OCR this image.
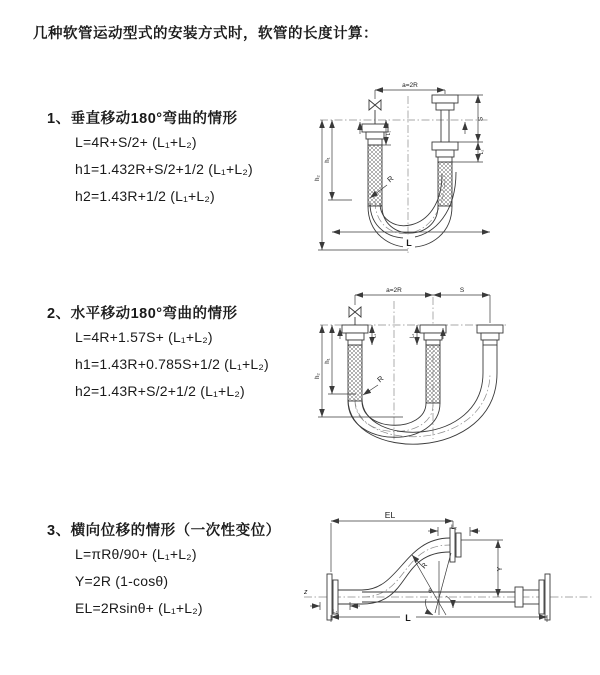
几种软管运动型式的安装方式时，软管的长度计算：
1、垂直移动180°弯曲的情形
L=4R+S/2+ (L₁+L₂)
h1=1.432R+S/2+1/2 (L₁+L₂)
h2=1.43R+1/2 (L₁+L₂)
2、水平移动180°弯曲的情形
L=4R+1.57S+ (L₁+L₂)
h1=1.43R+0.785S+1/2 (L₁+L₂)
h2=1.43R+S/2+1/2 (L₁+L₂)
3、横向位移的情形（一次性变位）
L=πRθ/90+ (L₁+L₂)
Y=2R (1-cosθ)
EL=2Rsinθ+ (L₁+L₂)
a=2R
h₂
h₁
L₁
S
L₂
R
L
a=2R	S
h₂
h₁
L₁	L₂
R
z
EL
L₂
Y
L
L₁
θ
R
